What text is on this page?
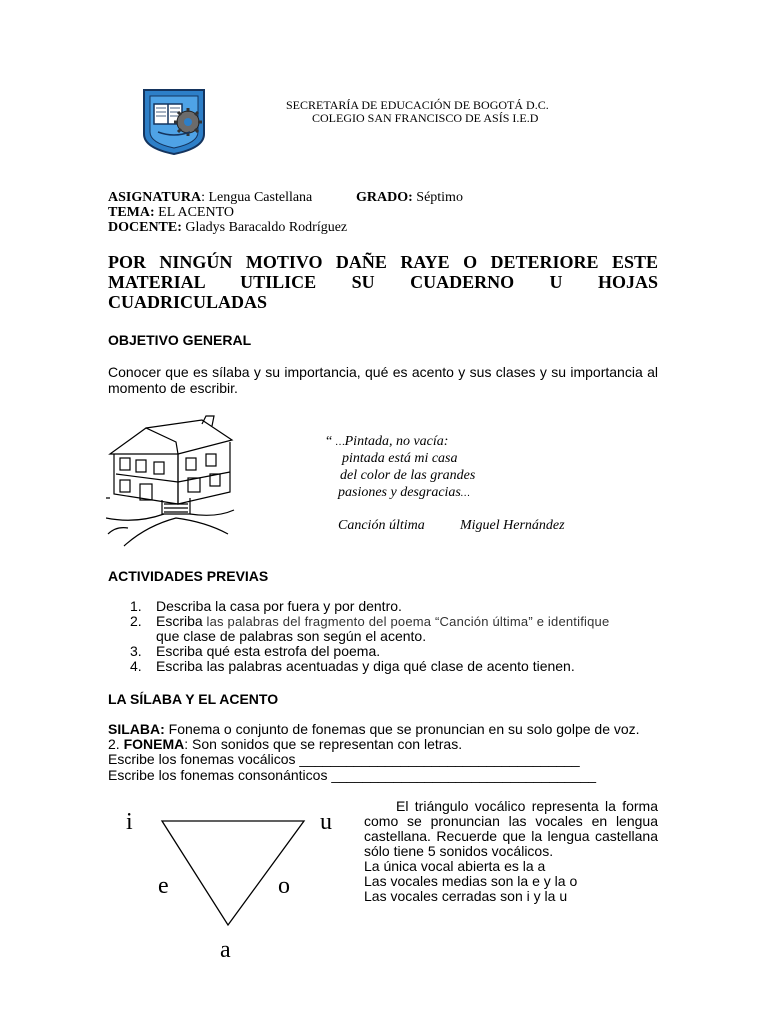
SECRETARÍA DE EDUCACIÓN DE BOGOTÁ D.C.
COLEGIO SAN FRANCISCO DE ASÍS I.E.D
ASIGNATURA: Lengua Castellana	GRADO: Séptimo
TEMA: EL ACENTO
DOCENTE: Gladys Baracaldo Rodríguez
POR NINGÚN MOTIVO DAÑE RAYE O DETERIORE ESTE
MATERIAL UTILICE SU CUADERNO U HOJAS
CUADRICULADAS
OBJETIVO GENERAL
Conocer que es sílaba y su importancia, qué es acento y sus clases y su importancia al momento de escribir.
“ …Pintada, no vacía:
pintada está mi casa
del color de las grandes
pasiones y desgracias…
Canción última	Miguel Hernández
ACTIVIDADES PREVIAS
1.	Describa la casa por fuera y por dentro.
2.	Escriba las palabras del fragmento del poema “Canción última” e identifique
que clase de palabras son según el acento.
3.	Escriba qué esta estrofa del poema.
4.	Escriba las palabras acentuadas y diga qué clase de acento tienen.
LA SÍLABA Y EL ACENTO
SILABA: Fonema o conjunto de fonemas que se pronuncian en su solo golpe de voz.
2. FONEMA: Son sonidos que se representan con letras.
Escribe los fonemas vocálicos ____________________________________
Escribe los fonemas consonánticos __________________________________
i	u
e	o
a
El triángulo vocálico representa la forma como se pronuncian las vocales en lengua castellana. Recuerde que la lengua castellana sólo tiene 5 sonidos vocálicos.
La única vocal abierta es la a
Las vocales medias son la e y la o
Las vocales cerradas son i y la u
